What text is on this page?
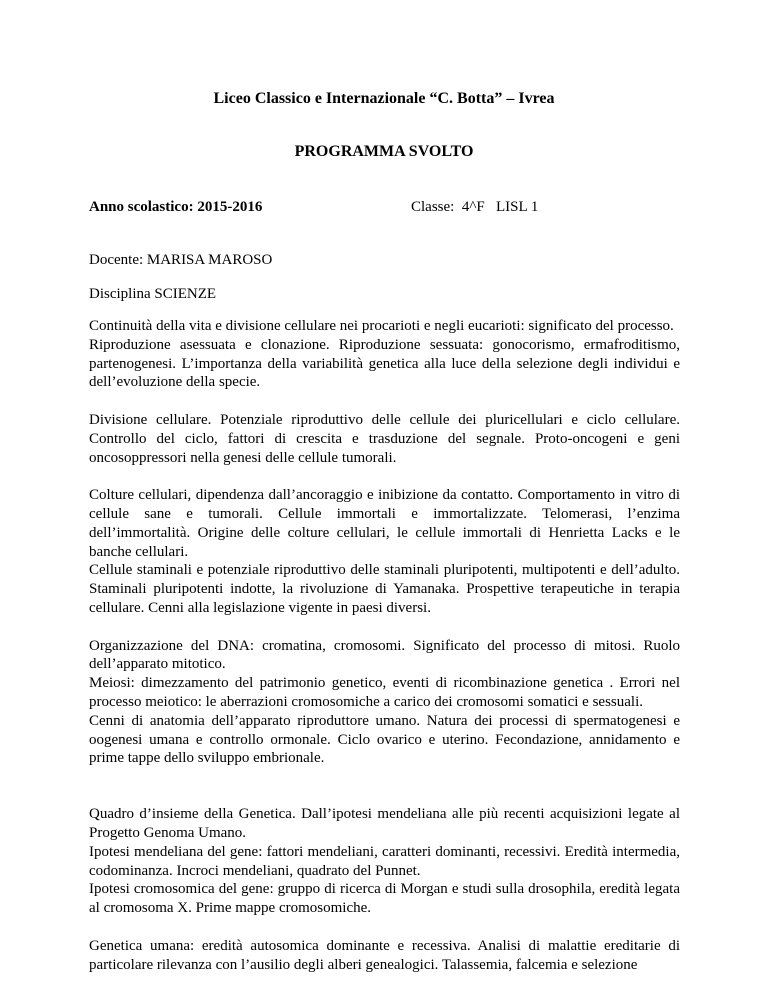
Liceo Classico e Internazionale “C. Botta” – Ivrea
PROGRAMMA SVOLTO
Anno scolastico: 2015-2016	Classe:  4^F   LISL 1
Docente: MARISA MAROSO
Disciplina SCIENZE

Continuità della vita e divisione cellulare nei procarioti e negli eucarioti: significato del processo.
Riproduzione asessuata e clonazione. Riproduzione sessuata: gonocorismo, ermafroditismo, partenogenesi. L’importanza della variabilità genetica alla luce della selezione degli individui e dell’evoluzione della specie.

Divisione cellulare. Potenziale riproduttivo delle cellule dei pluricellulari e ciclo cellulare. Controllo del ciclo, fattori di crescita e trasduzione del segnale. Proto-oncogeni e geni oncosoppressori nella genesi delle cellule tumorali.

Colture cellulari, dipendenza dall’ancoraggio e inibizione da contatto. Comportamento in vitro di cellule sane e tumorali. Cellule immortali e immortalizzate. Telomerasi, l’enzima dell’immortalità. Origine delle colture cellulari, le cellule immortali di Henrietta Lacks e le banche cellulari.
Cellule staminali e potenziale riproduttivo delle staminali pluripotenti, multipotenti e dell’adulto. Staminali pluripotenti indotte, la rivoluzione di Yamanaka. Prospettive terapeutiche in terapia cellulare. Cenni alla legislazione vigente in paesi diversi.

Organizzazione del DNA: cromatina, cromosomi. Significato del processo di mitosi. Ruolo dell’apparato mitotico.
Meiosi: dimezzamento del patrimonio genetico, eventi di ricombinazione genetica . Errori nel processo meiotico: le aberrazioni cromosomiche a carico dei cromosomi somatici e sessuali.
Cenni di anatomia dell’apparato riproduttore umano. Natura dei processi di spermatogenesi e oogenesi umana e controllo ormonale. Ciclo ovarico e uterino. Fecondazione, annidamento e prime tappe dello sviluppo embrionale.

Quadro d’insieme della Genetica. Dall’ipotesi mendeliana alle più recenti acquisizioni legate al Progetto Genoma Umano.
Ipotesi mendeliana del gene: fattori mendeliani, caratteri dominanti, recessivi. Eredità intermedia, codominanza. Incroci mendeliani, quadrato del Punnet.
Ipotesi cromosomica del gene: gruppo di ricerca di Morgan e studi sulla drosophila, eredità legata al cromosoma X. Prime mappe cromosomiche.

Genetica umana: eredità autosomica dominante e recessiva. Analisi di malattie ereditarie di particolare rilevanza con l’ausilio degli alberi genealogici. Talassemia, falcemia e selezione
